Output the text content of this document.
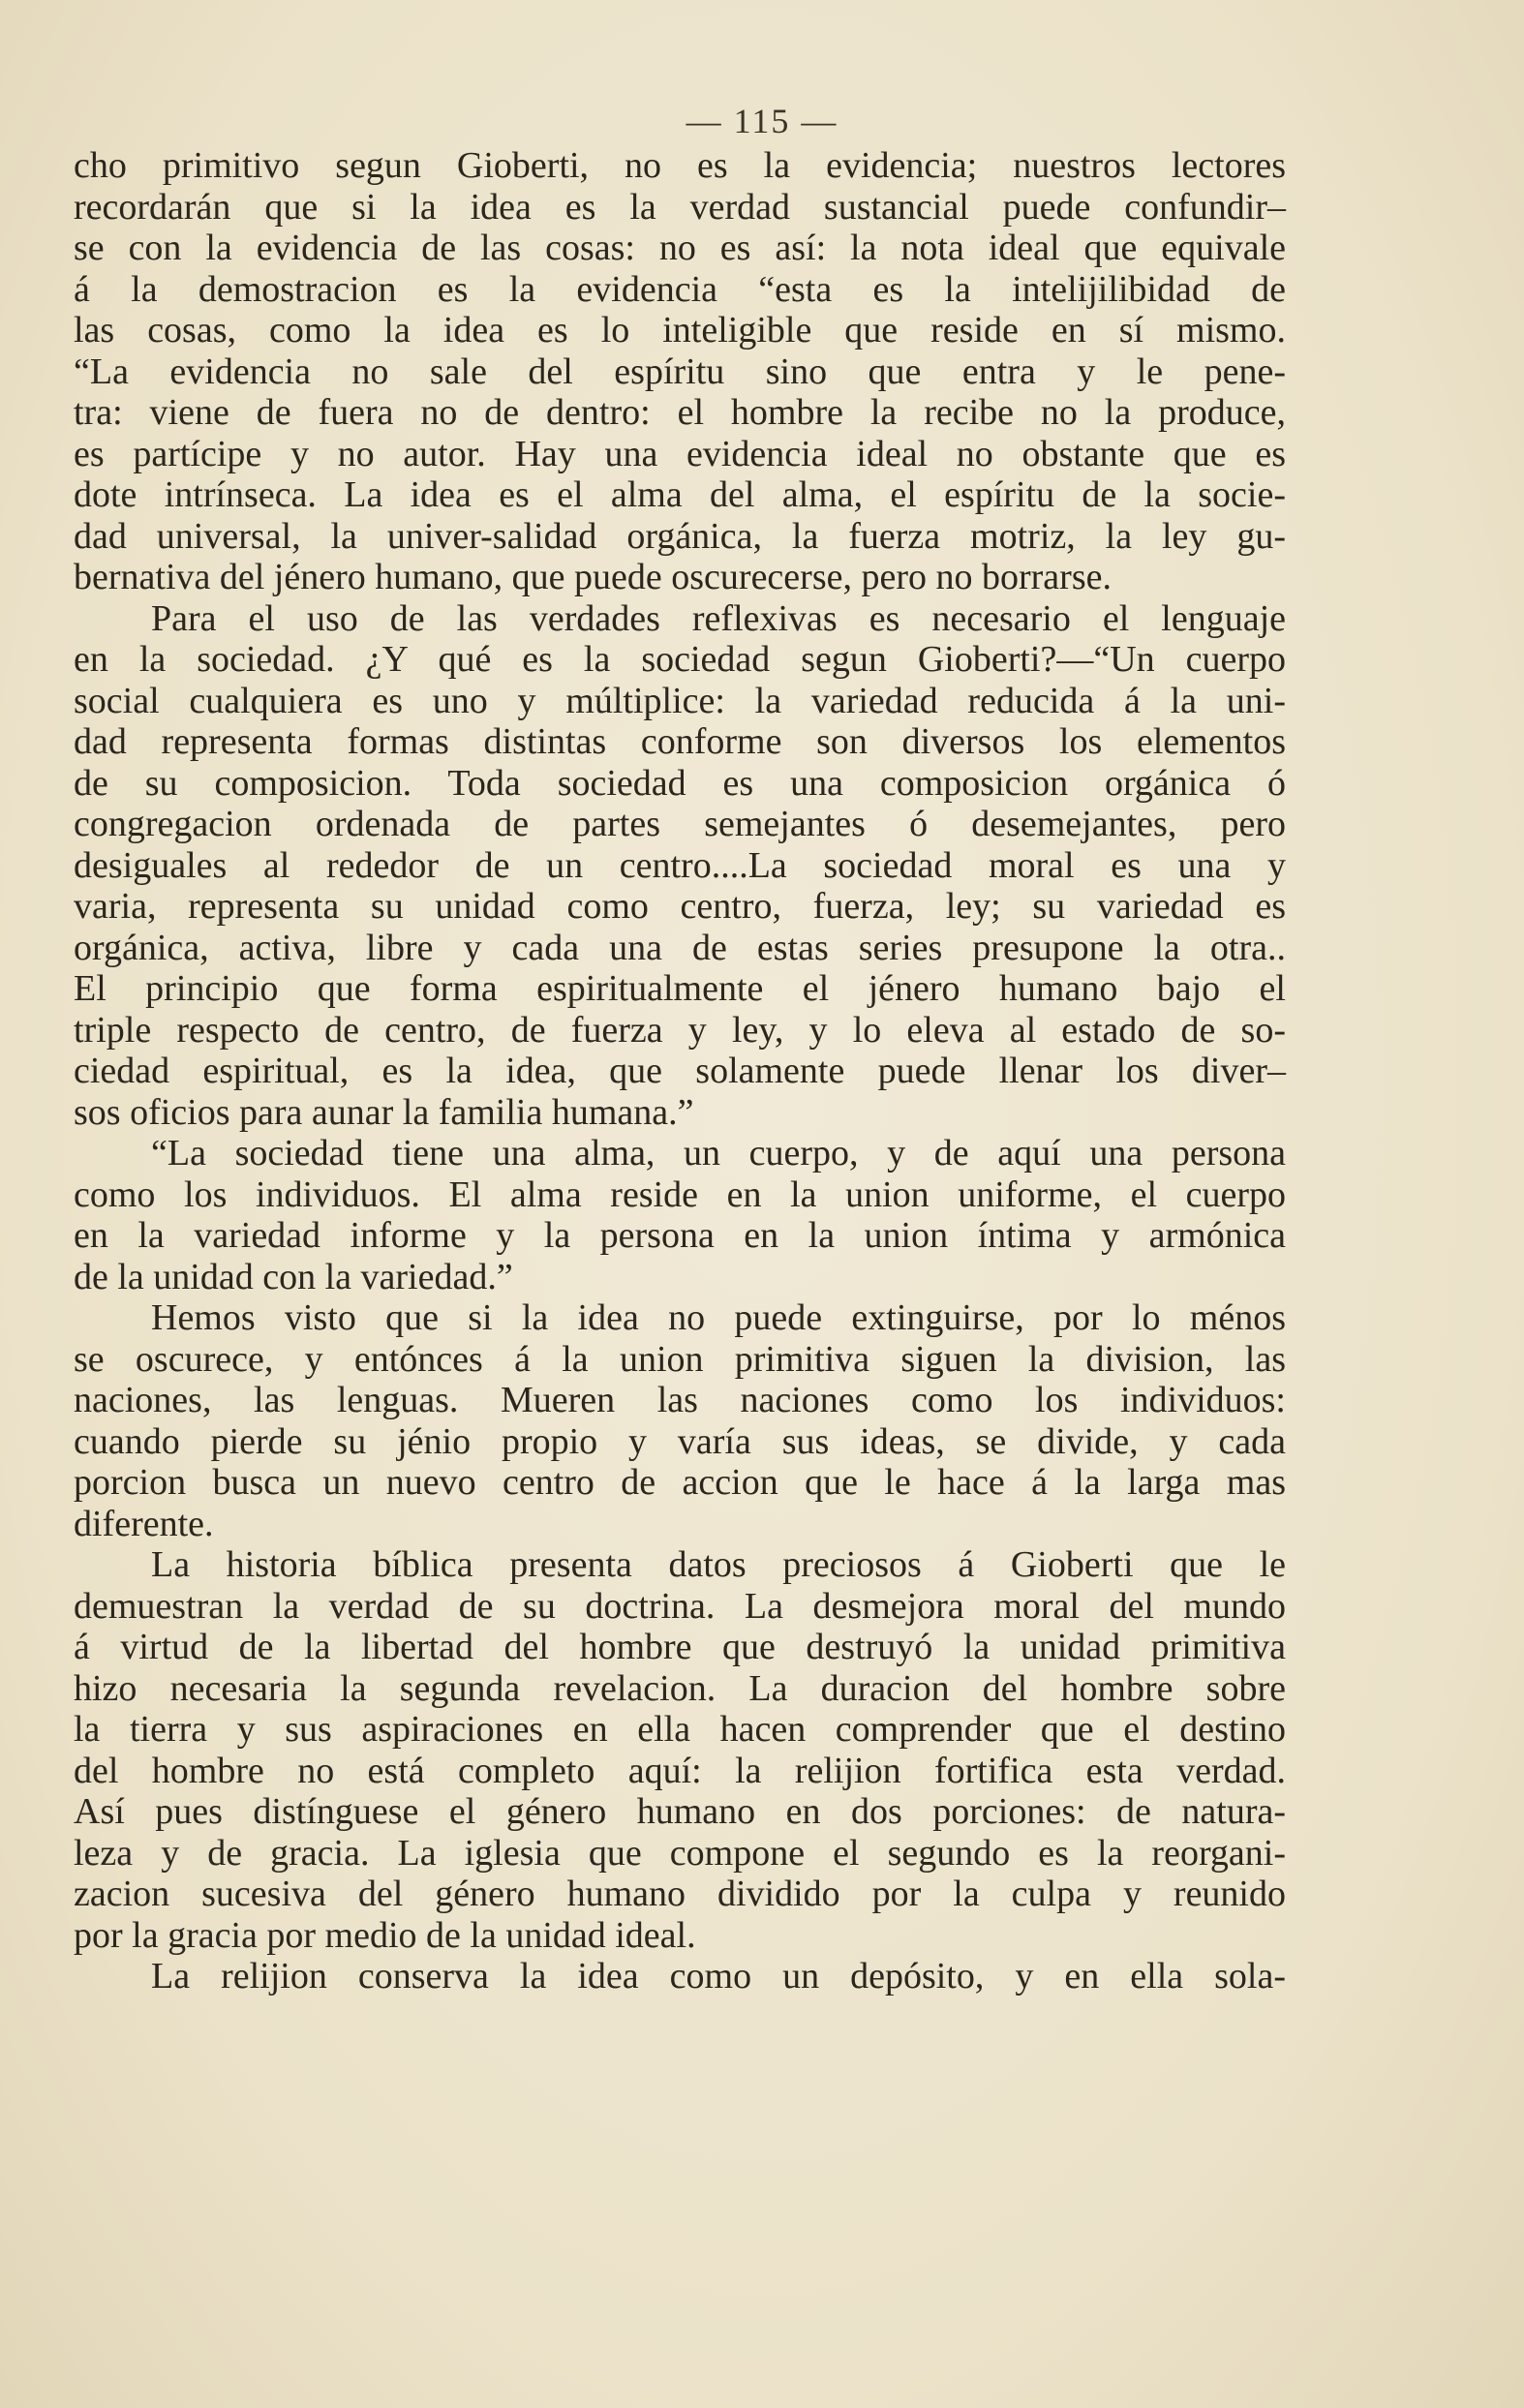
— 115 —
cho primitivo segun Gioberti, no es la evidencia; nuestros lectores
recordarán que si la idea es la verdad sustancial puede confundir–
se con la evidencia de las cosas: no es así: la nota ideal que equivale
á la demostracion es la evidencia “esta es la intelijilibidad de
las cosas, como la idea es lo inteligible que reside en sí mismo.
“La evidencia no sale del espíritu sino que entra y le pene-
tra: viene de fuera no de dentro: el hombre la recibe no la produce,
es partícipe y no autor. Hay una evidencia ideal no obstante que es
dote intrínseca. La idea es el alma del alma, el espíritu de la socie-
dad universal, la univer-salidad orgánica, la fuerza motriz, la ley gu-
bernativa del jénero humano, que puede oscurecerse, pero no borrarse.
Para el uso de las verdades reflexivas es necesario el lenguaje
en la sociedad. ¿Y qué es la sociedad segun Gioberti?—“Un cuerpo
social cualquiera es uno y múltiplice: la variedad reducida á la uni-
dad representa formas distintas conforme son diversos los elementos
de su composicion. Toda sociedad es una composicion orgánica ó
congregacion ordenada de partes semejantes ó desemejantes, pero
desiguales al rededor de un centro....La sociedad moral es una y
varia, representa su unidad como centro, fuerza, ley; su variedad es
orgánica, activa, libre y cada una de estas series presupone la otra..
El principio que forma espiritualmente el jénero humano bajo el
triple respecto de centro, de fuerza y ley, y lo eleva al estado de so-
ciedad espiritual, es la idea, que solamente puede llenar los diver–
sos oficios para aunar la familia humana.”
“La sociedad tiene una alma, un cuerpo, y de aquí una persona
como los individuos. El alma reside en la union uniforme, el cuerpo
en la variedad informe y la persona en la union íntima y armónica
de la unidad con la variedad.”
Hemos visto que si la idea no puede extinguirse, por lo ménos
se oscurece, y entónces á la union primitiva siguen la division, las
naciones, las lenguas. Mueren las naciones como los individuos:
cuando pierde su jénio propio y varía sus ideas, se divide, y cada
porcion busca un nuevo centro de accion que le hace á la larga mas
diferente.
La historia bíblica presenta datos preciosos á Gioberti que le
demuestran la verdad de su doctrina. La desmejora moral del mundo
á virtud de la libertad del hombre que destruyó la unidad primitiva
hizo necesaria la segunda revelacion. La duracion del hombre sobre
la tierra y sus aspiraciones en ella hacen comprender que el destino
del hombre no está completo aquí: la relijion fortifica esta verdad.
Así pues distínguese el género humano en dos porciones: de natura-
leza y de gracia. La iglesia que compone el segundo es la reorgani-
zacion sucesiva del género humano dividido por la culpa y reunido
por la gracia por medio de la unidad ideal.
La relijion conserva la idea como un depósito, y en ella sola-
